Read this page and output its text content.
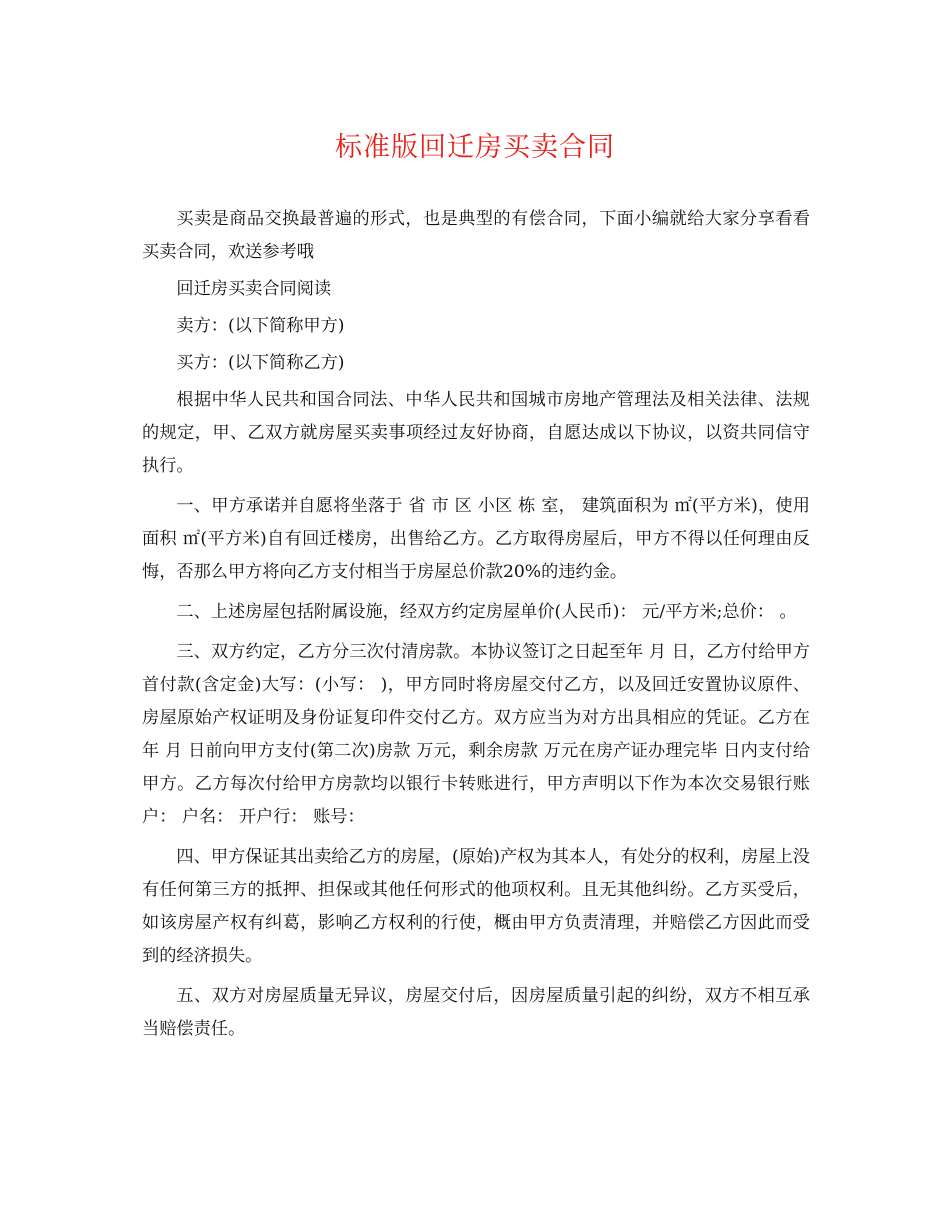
标准版回迁房买卖合同

买卖是商品交换最普遍的形式，也是典型的有偿合同，下面小编就给大家分享看看买卖合同，欢送参考哦

回迁房买卖合同阅读

卖方：(以下简称甲方)

买方：(以下简称乙方)

根据中华人民共和国合同法、中华人民共和国城市房地产管理法及相关法律、法规的规定，甲、乙双方就房屋买卖事项经过友好协商，自愿达成以下协议，以资共同信守执行。

一、甲方承诺并自愿将坐落于 省 市 区 小区 栋 室， 建筑面积为 ㎡(平方米)，使用面积 ㎡(平方米)自有回迁楼房，出售给乙方。乙方取得房屋后，甲方不得以任何理由反悔，否那么甲方将向乙方支付相当于房屋总价款20%的违约金。

二、上述房屋包括附属设施，经双方约定房屋单价(人民币)： 元/平方米;总价： 。

三、双方约定，乙方分三次付清房款。本协议签订之日起至年 月 日，乙方付给甲方首付款(含定金)大写：(小写： )，甲方同时将房屋交付乙方，以及回迁安置协议原件、房屋原始产权证明及身份证复印件交付乙方。双方应当为对方出具相应的凭证。乙方在 年 月 日前向甲方支付(第二次)房款 万元，剩余房款 万元在房产证办理完毕 日内支付给甲方。乙方每次付给甲方房款均以银行卡转账进行，甲方声明以下作为本次交易银行账户： 户名： 开户行： 账号：

四、甲方保证其出卖给乙方的房屋，(原始)产权为其本人，有处分的权利，房屋上没有任何第三方的抵押、担保或其他任何形式的他项权利。且无其他纠纷。乙方买受后，如该房屋产权有纠葛，影响乙方权利的行使，概由甲方负责清理，并赔偿乙方因此而受到的经济损失。

五、双方对房屋质量无异议，房屋交付后，因房屋质量引起的纠纷，双方不相互承当赔偿责任。
